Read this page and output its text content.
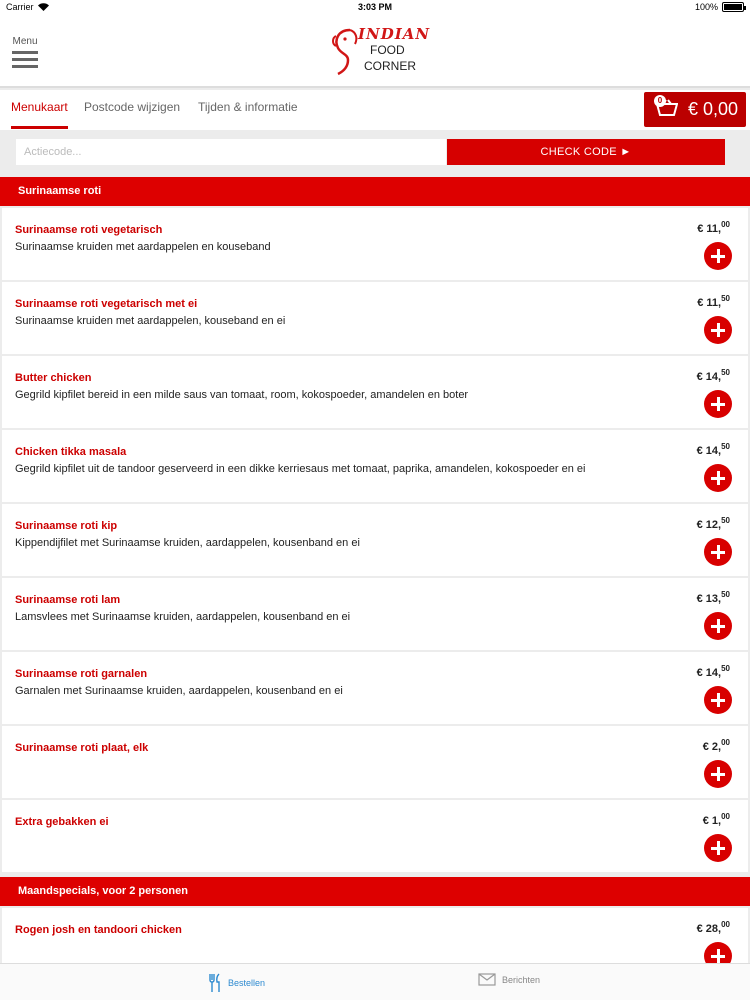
Carrier	3:03 PM	100%
Menu	INDIAN
FOOD
CORNER
Menukaart Postcode wijzigen Tijden & informatie	0 € 0,00
Actiecode...
CHECK CODE ►
Surinaamse roti
Surinaamse roti vegetarisch
Surinaamse kruiden met aardappelen en kouseband
€ 11,00
Surinaamse roti vegetarisch met ei
Surinaamse kruiden met aardappelen, kouseband en ei
€ 11,50
Butter chicken
Gegrild kipfilet bereid in een milde saus van tomaat, room, kokospoeder, amandelen en boter
€ 14,50
Chicken tikka masala
Gegrild kipfilet uit de tandoor geserveerd in een dikke kerriesaus met tomaat, paprika, amandelen, kokospoeder en ei
€ 14,50
Surinaamse roti kip
Kippendijfilet met Surinaamse kruiden, aardappelen, kousenband en ei
€ 12,50
Surinaamse roti lam
Lamsvlees met Surinaamse kruiden, aardappelen, kousenband en ei
€ 13,50
Surinaamse roti garnalen
Garnalen met Surinaamse kruiden, aardappelen, kousenband en ei
€ 14,50
Surinaamse roti plaat, elk	€ 2,00
Extra gebakken ei	€ 1,00
Maandspecials, voor 2 personen
Rogen josh en tandoori chicken	€ 28,00
Bestellen	Berichten
